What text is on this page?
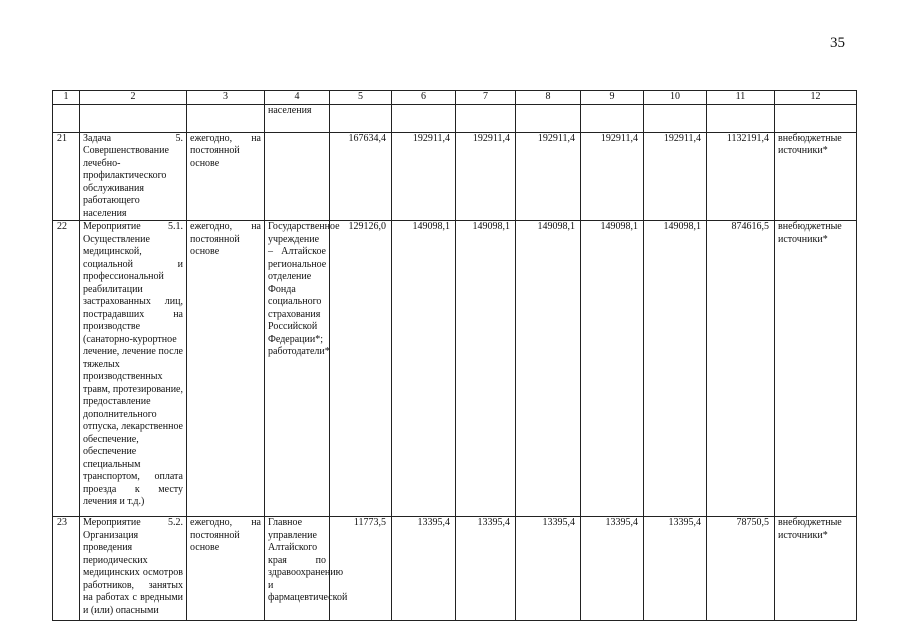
35
1	2	3	4	5	6	7	8	9	10	11	12
			населения								
21	Задача 5. Совершенствование лечебно-профилактического обслуживания работающего населения	ежегодно, на постоянной основе		167634,4	192911,4	192911,4	192911,4	192911,4	192911,4	1132191,4	внебюджетные источники*
22	Мероприятие 5.1. Осуществление медицинской, социальной и профессиональной реабилитации застрахованных лиц, пострадавших на производстве (санаторно-курортное лечение, лечение после тяжелых производственных травм, протезирование, предоставление дополнительного отпуска, лекарственное обеспечение, обеспечение специальным транспортом, оплата проезда к месту лечения и т.д.)	ежегодно, на постоянной основе	Государственное учреждение – Алтайское региональное отделение Фонда социального страхования Российской Федерации*; работодатели*	129126,0	149098,1	149098,1	149098,1	149098,1	149098,1	874616,5	внебюджетные источники*
23	Мероприятие 5.2. Организация проведения периодических медицинских осмотров работников, занятых на работах с вредными и (или) опасными	ежегодно, на постоянной основе	Главное управление Алтайского края по здравоохранению и фармацевтической	11773,5	13395,4	13395,4	13395,4	13395,4	13395,4	78750,5	внебюджетные источники*
